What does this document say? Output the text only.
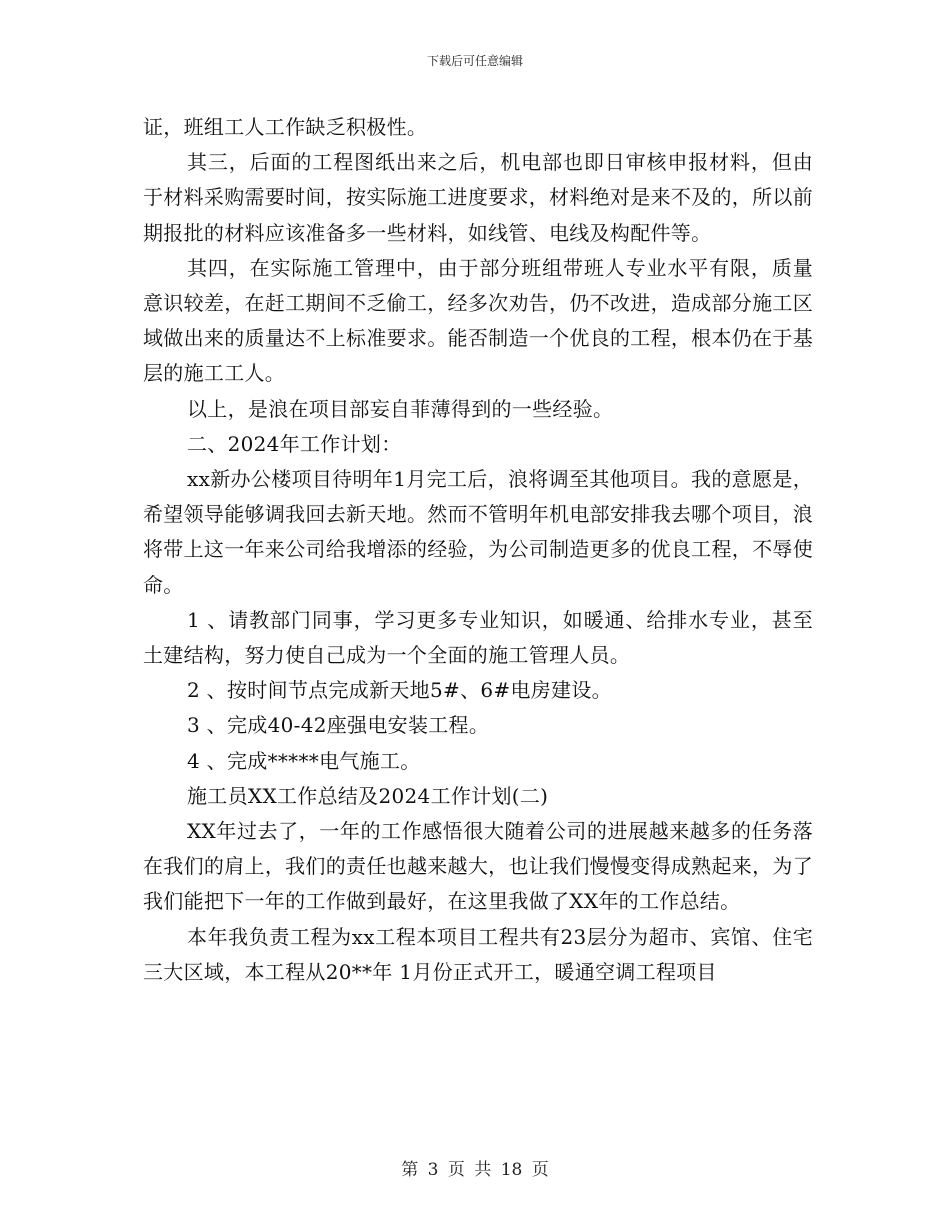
下载后可任意编辑

证，班组工人工作缺乏积极性。

其三，后面的工程图纸出来之后，机电部也即日审核申报材料，但由于材料采购需要时间，按实际施工进度要求，材料绝对是来不及的，所以前期报批的材料应该准备多一些材料，如线管、电线及构配件等。

其四，在实际施工管理中，由于部分班组带班人专业水平有限，质量意识较差，在赶工期间不乏偷工，经多次劝告，仍不改进，造成部分施工区域做出来的质量达不上标准要求。能否制造一个优良的工程，根本仍在于基层的施工工人。

以上，是浪在项目部妄自菲薄得到的一些经验。

二、2024年工作计划：

xx新办公楼项目待明年1月完工后，浪将调至其他项目。我的意愿是，希望领导能够调我回去新天地。然而不管明年机电部安排我去哪个项目，浪将带上这一年来公司给我增添的经验，为公司制造更多的优良工程，不辱使命。

1 、请教部门同事，学习更多专业知识，如暖通、给排水专业，甚至土建结构，努力使自己成为一个全面的施工管理人员。

2 、按时间节点完成新天地5#、6#电房建设。

3 、完成40-42座强电安装工程。

4 、完成*****电气施工。

施工员XX工作总结及2024工作计划(二)

XX年过去了，一年的工作感悟很大随着公司的进展越来越多的任务落在我们的肩上，我们的责任也越来越大，也让我们慢慢变得成熟起来，为了我们能把下一年的工作做到最好，在这里我做了XX年的工作总结。

本年我负责工程为xx工程本项目工程共有23层分为超市、宾馆、住宅三大区域，本工程从20**年 1月份正式开工，暖通空调工程项目

第 3 页 共 18 页
